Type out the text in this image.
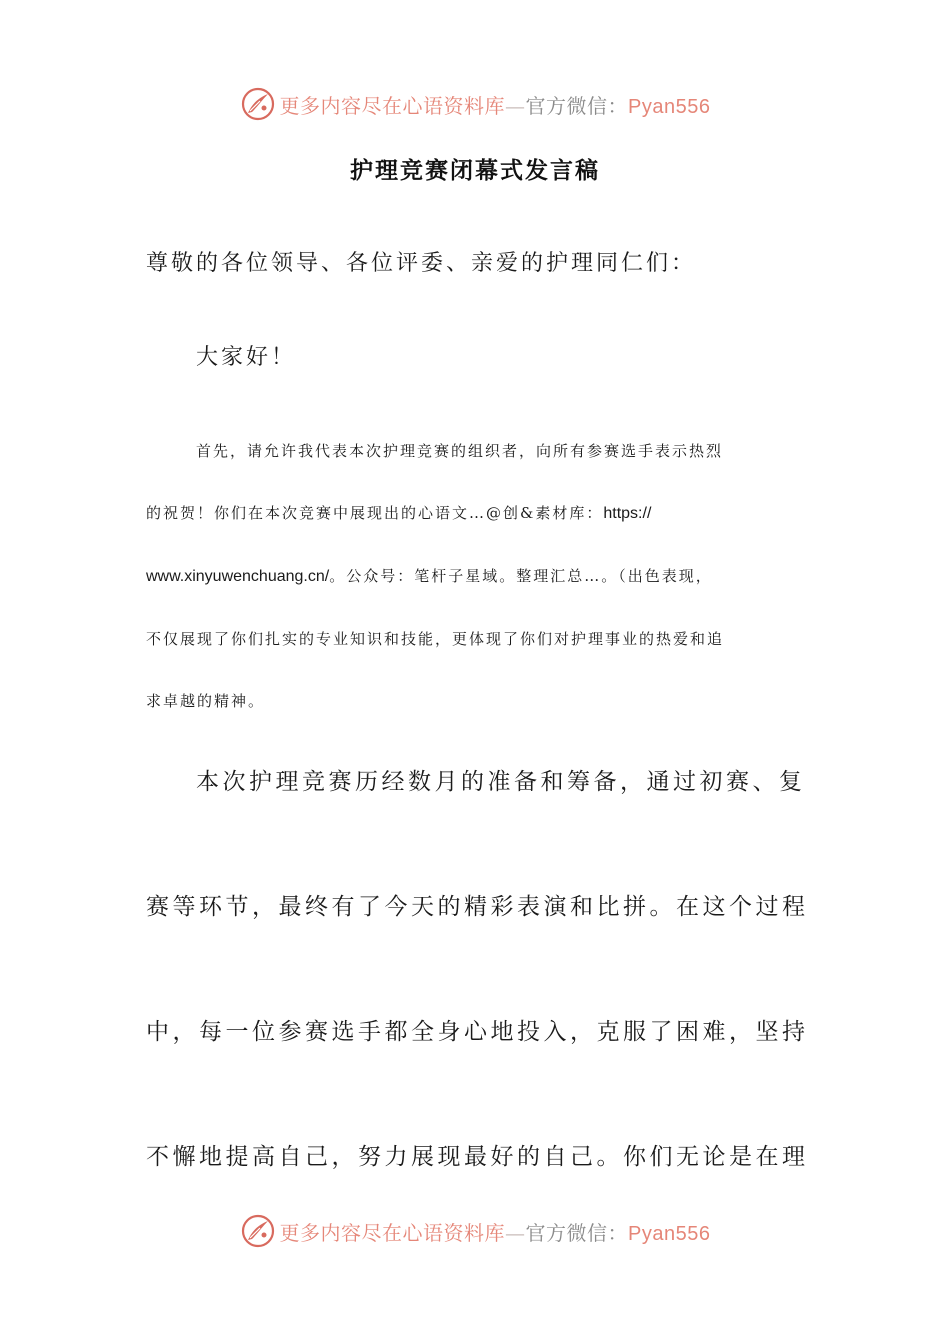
更多内容尽在心语资料库—官方微信：Pyan556
护理竞赛闭幕式发言稿

尊敬的各位领导、各位评委、亲爱的护理同仁们：

大家好！

首先，请允许我代表本次护理竞赛的组织者，向所有参赛选手表示热烈
的祝贺！你们在本次竞赛中展现出的心语文…@创&素材库：https://
www.xinyuwenchuang.cn/。公众号：笔杆子星域。整理汇总…。（出色表现，
不仅展现了你们扎实的专业知识和技能，更体现了你们对护理事业的热爱和追
求卓越的精神。
本次护理竞赛历经数月的准备和筹备，通过初赛、复
赛等环节，最终有了今天的精彩表演和比拼。在这个过程
中，每一位参赛选手都全身心地投入，克服了困难，坚持
不懈地提高自己，努力展现最好的自己。你们无论是在理
更多内容尽在心语资料库—官方微信：Pyan556
